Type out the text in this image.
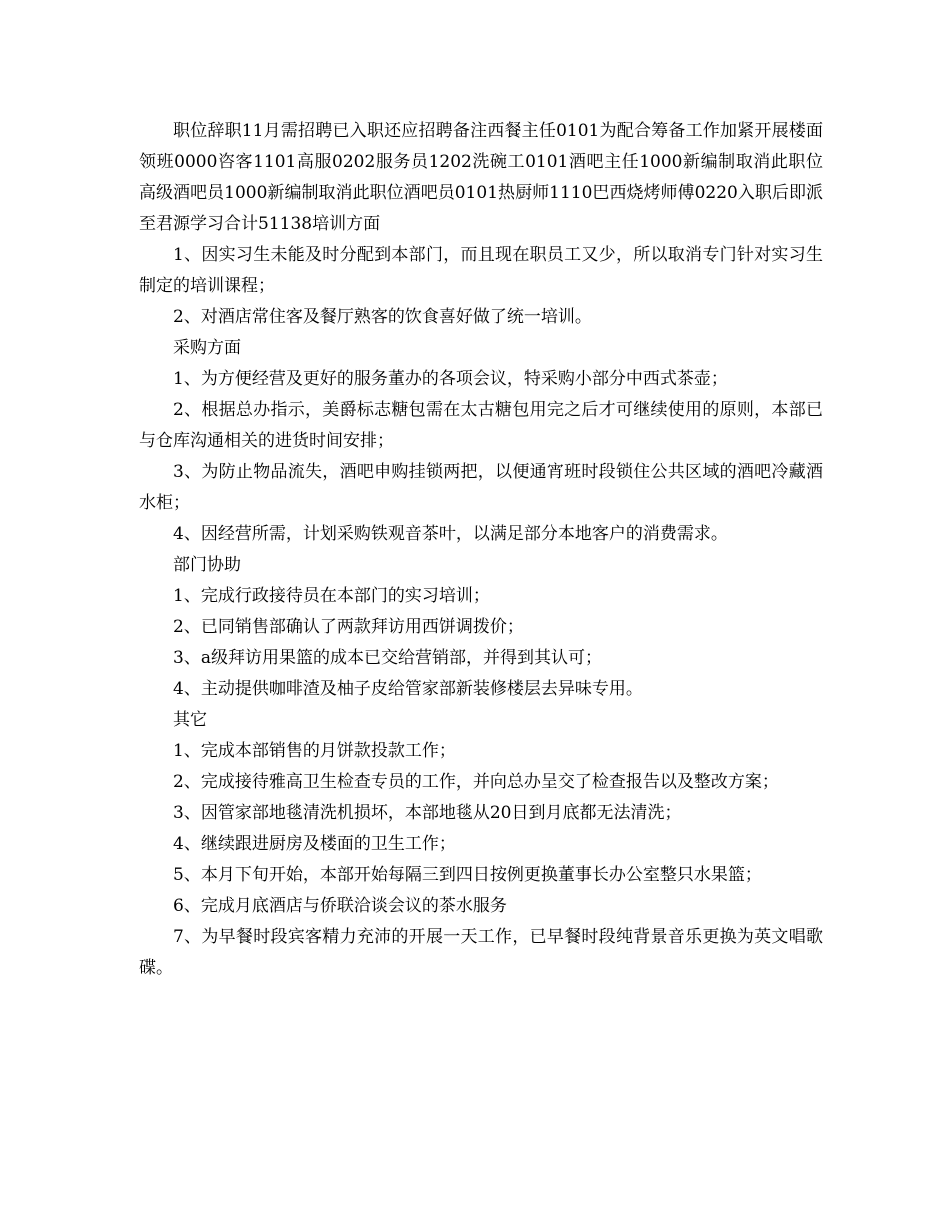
职位辞职11月需招聘已入职还应招聘备注西餐主任0101为配合筹备工作加紧开展楼面领班0000咨客1101高服0202服务员1202洗碗工0101酒吧主任1000新编制取消此职位高级酒吧员1000新编制取消此职位酒吧员0101热厨师1110巴西烧烤师傅0220入职后即派至君源学习合计51138培训方面

1、因实习生未能及时分配到本部门，而且现在职员工又少，所以取消专门针对实习生制定的培训课程；

2、对酒店常住客及餐厅熟客的饮食喜好做了统一培训。

采购方面

1、为方便经营及更好的服务董办的各项会议，特采购小部分中西式茶壶；

2、根据总办指示，美爵标志糖包需在太古糖包用完之后才可继续使用的原则，本部已与仓库沟通相关的进货时间安排；

3、为防止物品流失，酒吧申购挂锁两把，以便通宵班时段锁住公共区域的酒吧冷藏酒水柜；

4、因经营所需，计划采购铁观音茶叶，以满足部分本地客户的消费需求。

部门协助

1、完成行政接待员在本部门的实习培训；

2、已同销售部确认了两款拜访用西饼调拨价；

3、a级拜访用果篮的成本已交给营销部，并得到其认可；

4、主动提供咖啡渣及柚子皮给管家部新装修楼层去异味专用。

其它

1、完成本部销售的月饼款投款工作；

2、完成接待雅高卫生检查专员的工作，并向总办呈交了检查报告以及整改方案；

3、因管家部地毯清洗机损坏，本部地毯从20日到月底都无法清洗；

4、继续跟进厨房及楼面的卫生工作；

5、本月下旬开始，本部开始每隔三到四日按例更换董事长办公室整只水果篮；

6、完成月底酒店与侨联洽谈会议的茶水服务

7、为早餐时段宾客精力充沛的开展一天工作，已早餐时段纯背景音乐更换为英文唱歌碟。
